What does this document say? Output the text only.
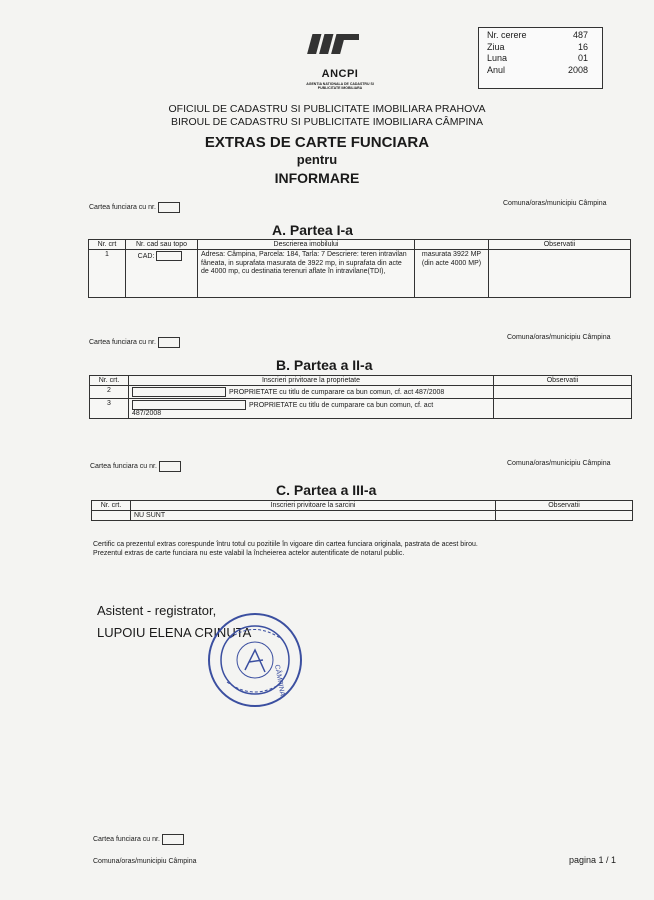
Nr. cerere	487
Ziua	16
Luna	01
Anul	2008
ANCPI
AGENTIA NATIONALA DE CADASTRU SI PUBLICITATE IMOBILIARA
OFICIUL DE CADASTRU SI PUBLICITATE IMOBILIARA PRAHOVA
BIROUL DE CADASTRU SI PUBLICITATE IMOBILIARA CÂMPINA
EXTRAS DE CARTE FUNCIARA
pentru
INFORMARE
Cartea funciara cu nr.
Comuna/oras/municipiu Câmpina
A. Partea I-a
Nr. crt	Nr. cad sau topo	Descrierea imobilului		Observatii
1	CAD:	Adresa: Câmpina, Parcela: 184, Tarla: 7 Descriere: teren intravilan fâneata, in suprafata masurata de 3922 mp, in suprafata din acte de 4000 mp, cu destinatia terenuri aflate în intravilane(TDI),	masurata 3922 MP (din acte 4000 MP)	
Cartea funciara cu nr.
Comuna/oras/municipiu Câmpina
B. Partea a II-a
Nr. crt.	Inscrieri privitoare la proprietate	Observatii
2	PROPRIETATE cu titlu de cumparare ca bun comun, cf. act 487/2008	
3	PROPRIETATE cu titlu de cumparare ca bun comun, cf. act
487/2008	
Cartea funciara cu nr.	Comuna/oras/municipiu Câmpina
C. Partea a III-a
Nr. crt.	Inscrieri privitoare la sarcini	Observatii
	NU SUNT	
Certific ca prezentul extras corespunde întru totul cu pozitiile în vigoare din cartea funciara originala, pastrata de acest birou.
Prezentul extras de carte funciara nu este valabil la încheierea actelor autentificate de notarul public.
Asistent - registrator,
LUPOIU ELENA CRINUTA
CÂMPINA
Cartea funciara cu nr.
Comuna/oras/municipiu Câmpina	pagina 1 / 1
